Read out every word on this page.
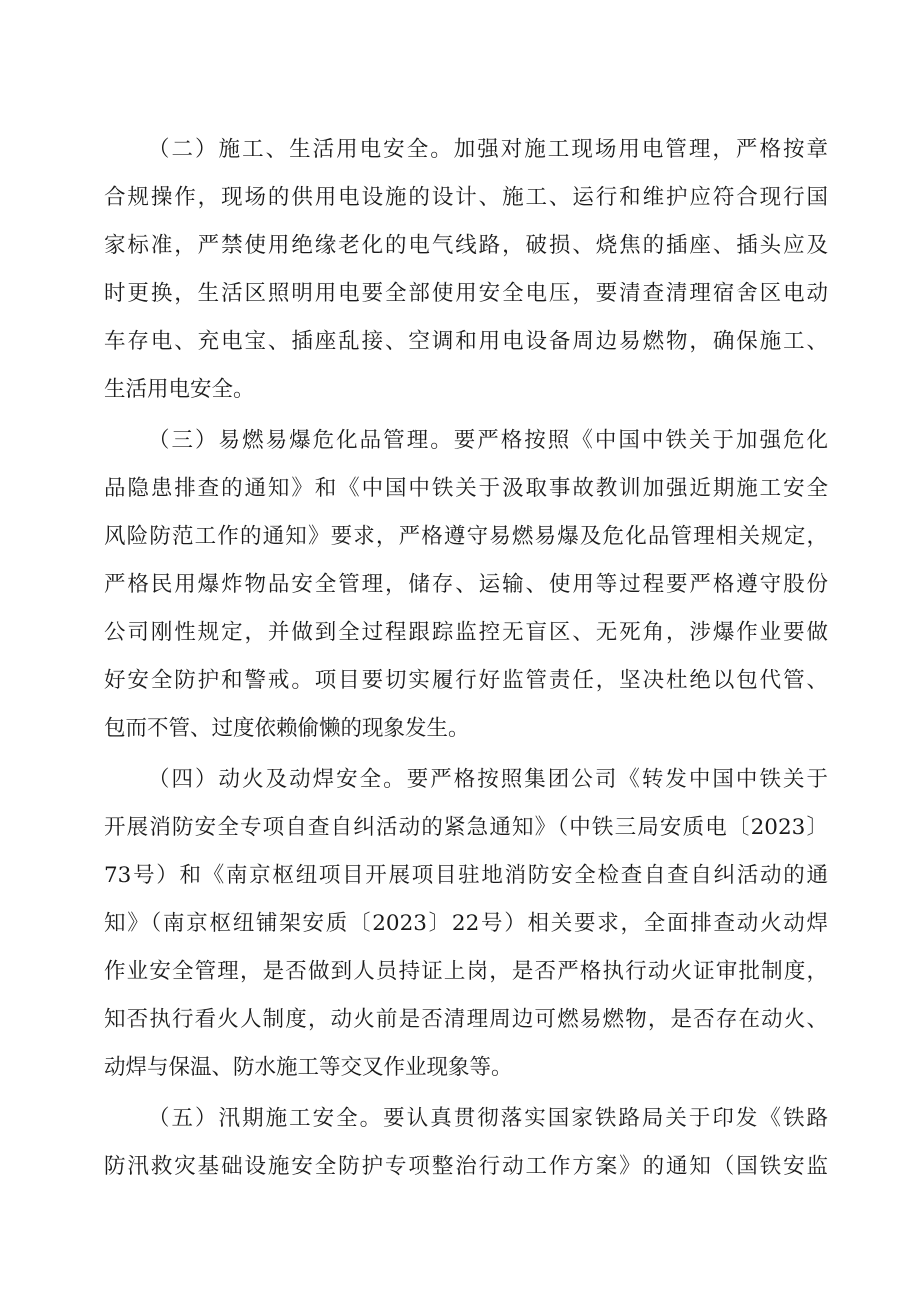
（二）施工、生活用电安全。加强对施工现场用电管理，严格按章
合规操作，现场的供用电设施的设计、施工、运行和维护应符合现行国
家标准，严禁使用绝缘老化的电气线路，破损、烧焦的插座、插头应及
时更换，生活区照明用电要全部使用安全电压，要清查清理宿舍区电动
车存电、充电宝、插座乱接、空调和用电设备周边易燃物，确保施工、
生活用电安全。
（三）易燃易爆危化品管理。要严格按照《中国中铁关于加强危化
品隐患排查的通知》和《中国中铁关于汲取事故教训加强近期施工安全
风险防范工作的通知》要求，严格遵守易燃易爆及危化品管理相关规定，
严格民用爆炸物品安全管理，储存、运输、使用等过程要严格遵守股份
公司刚性规定，并做到全过程跟踪监控无盲区、无死角，涉爆作业要做
好安全防护和警戒。项目要切实履行好监管责任，坚决杜绝以包代管、
包而不管、过度依赖偷懒的现象发生。
（四）动火及动焊安全。要严格按照集团公司《转发中国中铁关于
开展消防安全专项自查自纠活动的紧急通知》（中铁三局安质电〔2023〕
73号）和《南京枢纽项目开展项目驻地消防安全检查自查自纠活动的通
知》（南京枢纽铺架安质〔2023〕22号）相关要求，全面排查动火动焊
作业安全管理，是否做到人员持证上岗，是否严格执行动火证审批制度，
知否执行看火人制度，动火前是否清理周边可燃易燃物，是否存在动火、
动焊与保温、防水施工等交叉作业现象等。
（五）汛期施工安全。要认真贯彻落实国家铁路局关于印发《铁路
防汛救灾基础设施安全防护专项整治行动工作方案》的通知（国铁安监
